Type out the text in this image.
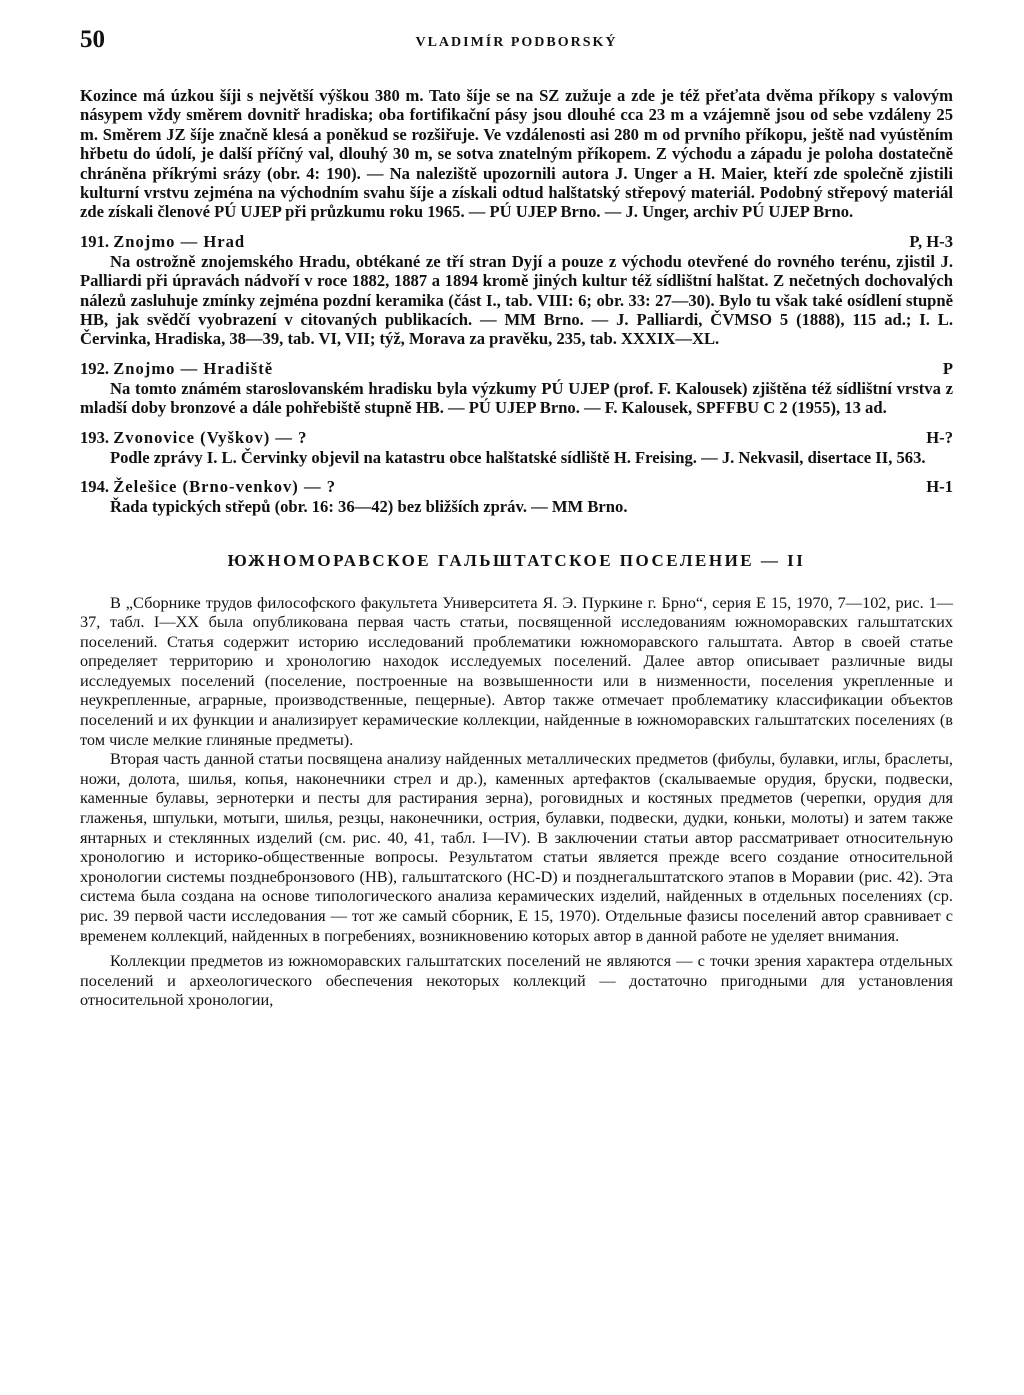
50	VLADIMÍR PODBORSKÝ

Kozince má úzkou šíji s největší výškou 380 m. Tato šíje se na SZ zužuje a zde je též přeťata dvěma příkopy s valovým násypem vždy směrem dovnitř hradiska; oba fortifikační pásy jsou dlouhé cca 23 m a vzájemně jsou od sebe vzdáleny 25 m. Směrem JZ šíje značně klesá a poněkud se rozšiřuje. Ve vzdálenosti asi 280 m od prvního příkopu, ještě nad vyústěním hřbetu do údolí, je další příčný val, dlouhý 30 m, se sotva znatelným příkopem. Z východu a západu je poloha dostatečně chráněna příkrými srázy (obr. 4: 190). — Na naleziště upozornili autora J. Unger a H. Maier, kteří zde společně zjistili kulturní vrstvu zejména na východním svahu šíje a získali odtud halštatský střepový materiál. Podobný střepový materiál zde získali členové PÚ UJEP při průzkumu roku 1965. — PÚ UJEP Brno. — J. Unger, archiv PÚ UJEP Brno.

191. Znojmo — Hrad	P, H-3

Na ostrožně znojemského Hradu, obtékané ze tří stran Dyjí a pouze z východu otevřené do rovného terénu, zjistil J. Palliardi při úpravách nádvoří v roce 1882, 1887 a 1894 kromě jiných kultur též sídlištní halštat. Z nečetných dochovalých nálezů zasluhuje zmínky zejména pozdní keramika (část I., tab. VIII: 6; obr. 33: 27—30). Bylo tu však také osídlení stupně HB, jak svědčí vyobrazení v citovaných publikacích. — MM Brno. — J. Palliardi, ČVMSO 5 (1888), 115 ad.; I. L. Červinka, Hradiska, 38—39, tab. VI, VII; týž, Morava za pravěku, 235, tab. XXXIX—XL.

192. Znojmo — Hradiště	P

Na tomto známém staroslovanském hradisku byla výzkumy PÚ UJEP (prof. F. Kalousek) zjištěna též sídlištní vrstva z mladší doby bronzové a dále pohřebiště stupně HB. — PÚ UJEP Brno. — F. Kalousek, SPFFBU C 2 (1955), 13 ad.

193. Zvonovice (Vyškov) — ?	H-?

Podle zprávy I. L. Červinky objevil na katastru obce halštatské sídliště H. Freising. — J. Nekvasil, disertace II, 563.

194. Želešice (Brno-venkov) — ?	H-1

Řada typických střepů (obr. 16: 36—42) bez bližších zpráv. — MM Brno.

ЮЖНОМОРАВСКОЕ ГАЛЬШТАТСКОЕ ПОСЕЛЕНИЕ — II

В „Сборнике трудов философского факультета Университета Я. Э. Пуркине г. Брно“, серия Е 15, 1970, 7—102, рис. 1—37, табл. I—XX была опубликована первая часть статьи, посвященной исследованиям южноморавских гальштатских поселений. Статья содержит историю исследований проблематики южноморавского гальштата. Автор в своей статье определяет территорию и хронологию находок исследуемых поселений. Далее автор описывает различные виды исследуемых поселений (поселение, построенные на возвышенности или в низменности, поселения укрепленные и неукрепленные, аграрные, производственные, пещерные). Автор также отмечает проблематику классификации объектов поселений и их функции и анализирует керамические коллекции, найденные в южноморавских гальштатских поселениях (в том числе мелкие глиняные предметы).

Вторая часть данной статьи посвящена анализу найденных металлических предметов (фибулы, булавки, иглы, браслеты, ножи, долота, шилья, копья, наконечники стрел и др.), каменных артефактов (скалываемые орудия, бруски, подвески, каменные булавы, зернотерки и песты для растирания зерна), роговидных и костяных предметов (черепки, орудия для глаженья, шпульки, мотыги, шилья, резцы, наконечники, острия, булавки, подвески, дудки, коньки, молоты) и затем также янтарных и стеклянных изделий (см. рис. 40, 41, табл. I—IV). В заключении статьи автор рассматривает относительную хронологию и историко-общественные вопросы. Результатом статьи является прежде всего создание относительной хронологии системы позднебронзового (HB), гальштатского (HC-D) и позднегальштатского этапов в Моравии (рис. 42). Эта система была создана на основе типологического анализа керамических изделий, найденных в отдельных поселениях (ср. рис. 39 первой части исследования — тот же самый сборник, Е 15, 1970). Отдельные фазисы поселений автор сравнивает с временем коллекций, найденных в погребениях, возникновению которых автор в данной работе не уделяет внимания.

Коллекции предметов из южноморавских гальштатских поселений не являются — с точки зрения характера отдельных поселений и археологического обеспечения некоторых коллекций — достаточно пригодными для установления относительной хронологии,
